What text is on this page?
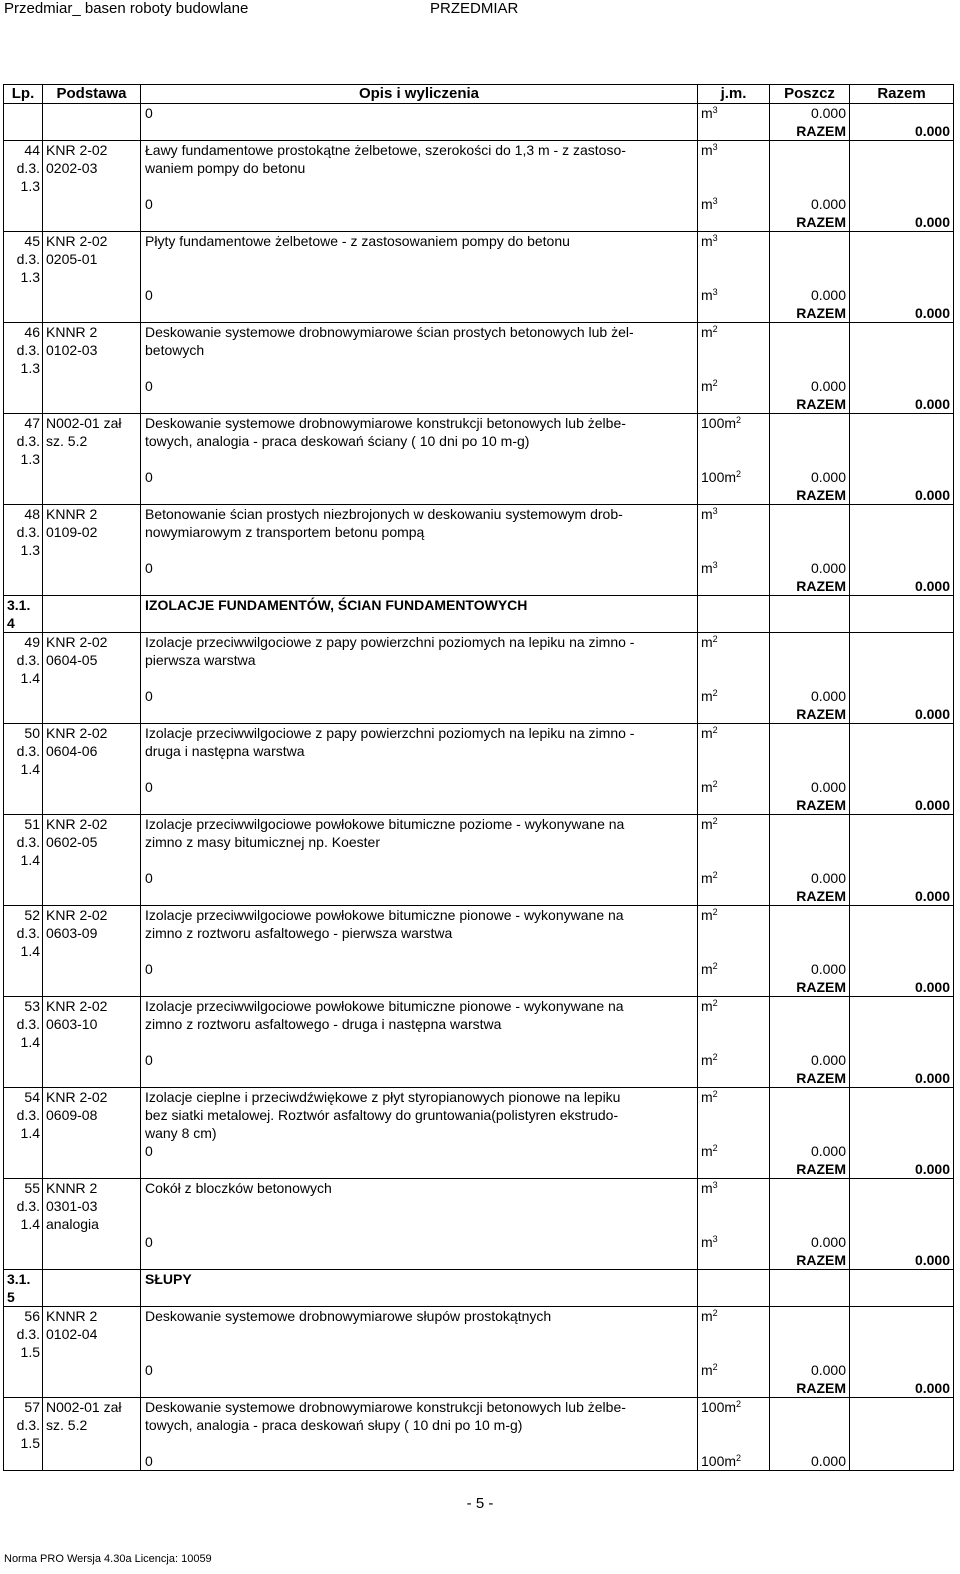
Przedmiar_ basen roboty budowlane	PRZEDMIAR
Lp.	Podstawa	Opis i wyliczenia	j.m.	Poszcz	Razem
		0	$m^3$	0.000	
				RAZEM	0.000
44	KNR 2-02	Ławy fundamentowe prostokątne żelbetowe, szerokości do 1,3 m - z zastoso-	$m^3$		
d.3.	0202-03	waniem pompy do betonu			
1.3					
		0	$m^3$	0.000	
				RAZEM	0.000
45	KNR 2-02	Płyty fundamentowe żelbetowe - z zastosowaniem pompy do betonu	$m^3$		
d.3.	0205-01				
1.3					
		0	$m^3$	0.000	
				RAZEM	0.000
46	KNNR 2	Deskowanie systemowe drobnowymiarowe ścian prostych betonowych lub żel-	$m^2$		
d.3.	0102-03	betowych			
1.3					
		0	$m^2$	0.000	
				RAZEM	0.000
47	N002-01 zał	Deskowanie systemowe drobnowymiarowe konstrukcji betonowych lub żelbe-	$100m^2$		
d.3.	sz. 5.2	towych, analogia - praca deskowań ściany ( 10 dni po 10 m-g)			
1.3					
		0	$100m^2$	0.000	
				RAZEM	0.000
48	KNNR 2	Betonowanie ścian prostych niezbrojonych w deskowaniu systemowym drob-	$m^3$		
d.3.	0109-02	nowymiarowym z transportem betonu pompą			
1.3					
		0	$m^3$	0.000	
				RAZEM	0.000
3.1.		IZOLACJE FUNDAMENTÓW, ŚCIAN FUNDAMENTOWYCH			
4					
49	KNR 2-02	Izolacje przeciwwilgociowe z papy powierzchni poziomych na lepiku na zimno -	$m^2$		
d.3.	0604-05	pierwsza warstwa			
1.4					
		0	$m^2$	0.000	
				RAZEM	0.000
50	KNR 2-02	Izolacje przeciwwilgociowe z papy powierzchni poziomych na lepiku na zimno -	$m^2$		
d.3.	0604-06	druga i następna warstwa			
1.4					
		0	$m^2$	0.000	
				RAZEM	0.000
51	KNR 2-02	Izolacje przeciwwilgociowe powłokowe bitumiczne poziome - wykonywane na	$m^2$		
d.3.	0602-05	zimno z masy bitumicznej np. Koester			
1.4					
		0	$m^2$	0.000	
				RAZEM	0.000
52	KNR 2-02	Izolacje przeciwwilgociowe powłokowe bitumiczne pionowe - wykonywane na	$m^2$		
d.3.	0603-09	zimno z roztworu asfaltowego - pierwsza warstwa			
1.4					
		0	$m^2$	0.000	
				RAZEM	0.000
53	KNR 2-02	Izolacje przeciwwilgociowe powłokowe bitumiczne pionowe - wykonywane na	$m^2$		
d.3.	0603-10	zimno z roztworu asfaltowego - druga i następna warstwa			
1.4					
		0	$m^2$	0.000	
				RAZEM	0.000
54	KNR 2-02	Izolacje cieplne i przeciwdźwiękowe z płyt styropianowych pionowe na lepiku	$m^2$		
d.3.	0609-08	bez siatki metalowej. Roztwór asfaltowy do gruntowania(polistyren ekstrudo-			
1.4		wany 8 cm)			
		0	$m^2$	0.000	
				RAZEM	0.000
55	KNNR 2	Cokół z bloczków betonowych	$m^3$		
d.3.	0301-03				
1.4	analogia				
		0	$m^3$	0.000	
				RAZEM	0.000
3.1.		SŁUPY			
5					
56	KNNR 2	Deskowanie systemowe drobnowymiarowe słupów prostokątnych	$m^2$		
d.3.	0102-04				
1.5					
		0	$m^2$	0.000	
				RAZEM	0.000
57	N002-01 zał	Deskowanie systemowe drobnowymiarowe konstrukcji betonowych lub żelbe-	$100m^2$		
d.3.	sz. 5.2	towych, analogia - praca deskowań słupy ( 10 dni po 10 m-g)			
1.5					
		0	$100m^2$	0.000	
- 5 -
Norma PRO Wersja 4.30a Licencja: 10059
